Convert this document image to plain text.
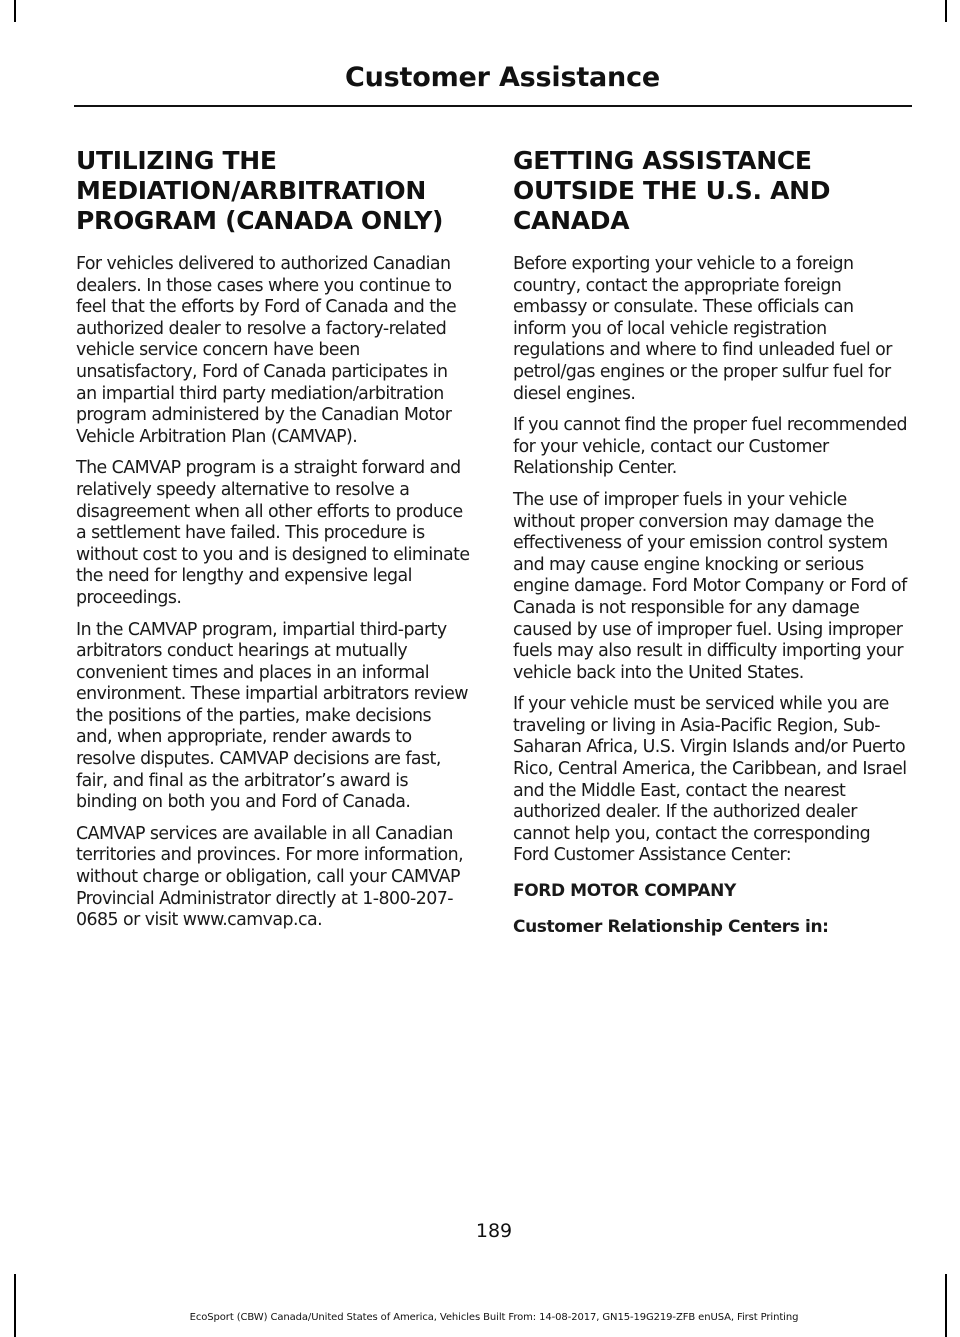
Customer Assistance
UTILIZING THE
MEDIATION/ARBITRATION
PROGRAM (CANADA ONLY)

For vehicles delivered to authorized Canadian dealers. In those cases where you continue to feel that the efforts by Ford of Canada and the authorized dealer to resolve a factory-related vehicle service concern have been unsatisfactory, Ford of Canada participates in an impartial third party mediation/arbitration program administered by the Canadian Motor Vehicle Arbitration Plan (CAMVAP).

The CAMVAP program is a straight forward and relatively speedy alternative to resolve a disagreement when all other efforts to produce a settlement have failed. This procedure is without cost to you and is designed to eliminate the need for lengthy and expensive legal proceedings.

In the CAMVAP program, impartial third-party arbitrators conduct hearings at mutually convenient times and places in an informal environment. These impartial arbitrators review the positions of the parties, make decisions and, when appropriate, render awards to resolve disputes. CAMVAP decisions are fast, fair, and final as the arbitrator’s award is binding on both you and Ford of Canada.

CAMVAP services are available in all Canadian territories and provinces. For more information, without charge or obligation, call your CAMVAP Provincial Administrator directly at 1-800-207-0685 or visit www.camvap.ca.

GETTING ASSISTANCE
OUTSIDE THE U.S. AND
CANADA

Before exporting your vehicle to a foreign country, contact the appropriate foreign embassy or consulate. These officials can inform you of local vehicle registration regulations and where to find unleaded fuel or petrol/gas engines or the proper sulfur fuel for diesel engines.

If you cannot find the proper fuel recommended for your vehicle, contact our Customer Relationship Center.

The use of improper fuels in your vehicle without proper conversion may damage the effectiveness of your emission control system and may cause engine knocking or serious engine damage. Ford Motor Company or Ford of Canada is not responsible for any damage caused by use of improper fuel. Using improper fuels may also result in difficulty importing your vehicle back into the United States.

If your vehicle must be serviced while you are traveling or living in Asia-Pacific Region, Sub-Saharan Africa, U.S. Virgin Islands and/or Puerto Rico, Central America, the Caribbean, and Israel and the Middle East, contact the nearest authorized dealer. If the authorized dealer cannot help you, contact the corresponding Ford Customer Assistance Center:

FORD MOTOR COMPANY

Customer Relationship Centers in:

189
EcoSport (CBW) Canada/United States of America, Vehicles Built From: 14-08-2017, GN15-19G219-ZFB enUSA, First Printing
